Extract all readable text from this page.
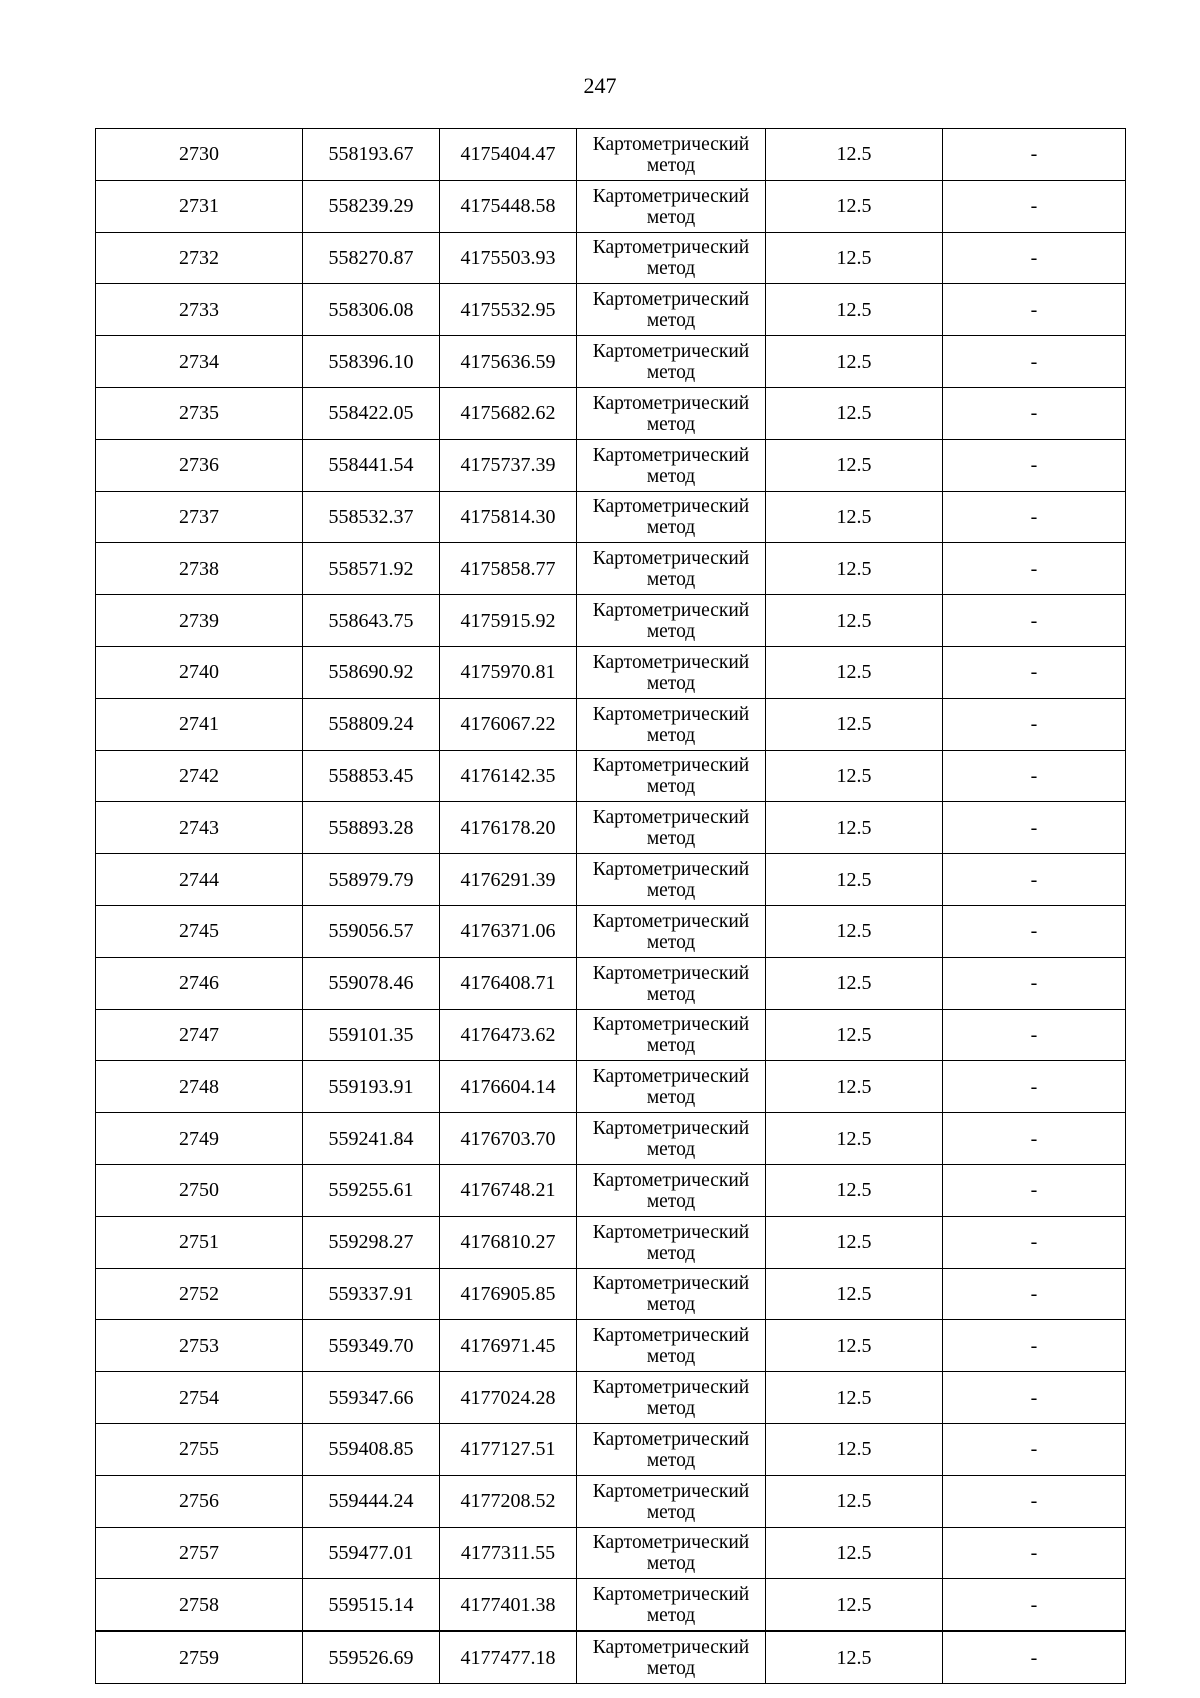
247
2730	558193.67	4175404.47	Картометрический метод	12.5	-
2731	558239.29	4175448.58	Картометрический метод	12.5	-
2732	558270.87	4175503.93	Картометрический метод	12.5	-
2733	558306.08	4175532.95	Картометрический метод	12.5	-
2734	558396.10	4175636.59	Картометрический метод	12.5	-
2735	558422.05	4175682.62	Картометрический метод	12.5	-
2736	558441.54	4175737.39	Картометрический метод	12.5	-
2737	558532.37	4175814.30	Картометрический метод	12.5	-
2738	558571.92	4175858.77	Картометрический метод	12.5	-
2739	558643.75	4175915.92	Картометрический метод	12.5	-
2740	558690.92	4175970.81	Картометрический метод	12.5	-
2741	558809.24	4176067.22	Картометрический метод	12.5	-
2742	558853.45	4176142.35	Картометрический метод	12.5	-
2743	558893.28	4176178.20	Картометрический метод	12.5	-
2744	558979.79	4176291.39	Картометрический метод	12.5	-
2745	559056.57	4176371.06	Картометрический метод	12.5	-
2746	559078.46	4176408.71	Картометрический метод	12.5	-
2747	559101.35	4176473.62	Картометрический метод	12.5	-
2748	559193.91	4176604.14	Картометрический метод	12.5	-
2749	559241.84	4176703.70	Картометрический метод	12.5	-
2750	559255.61	4176748.21	Картометрический метод	12.5	-
2751	559298.27	4176810.27	Картометрический метод	12.5	-
2752	559337.91	4176905.85	Картометрический метод	12.5	-
2753	559349.70	4176971.45	Картометрический метод	12.5	-
2754	559347.66	4177024.28	Картометрический метод	12.5	-
2755	559408.85	4177127.51	Картометрический метод	12.5	-
2756	559444.24	4177208.52	Картометрический метод	12.5	-
2757	559477.01	4177311.55	Картометрический метод	12.5	-
2758	559515.14	4177401.38	Картометрический метод	12.5	-
2759	559526.69	4177477.18	Картометрический метод	12.5	-
